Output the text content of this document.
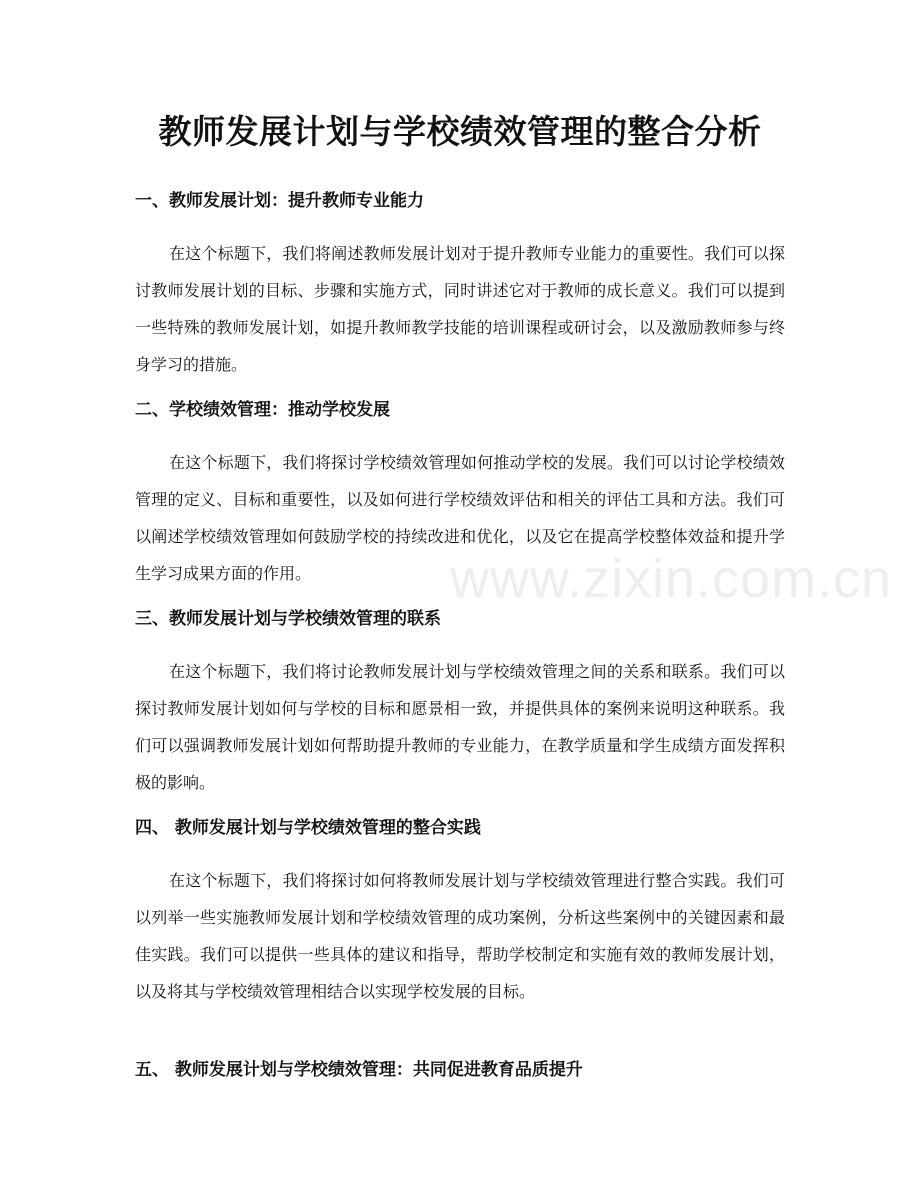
教师发展计划与学校绩效管理的整合分析
www.zixin.com.cn
一、教师发展计划：提升教师专业能力

在这个标题下，我们将阐述教师发展计划对于提升教师专业能力的重要性。我们可以探讨教师发展计划的目标、步骤和实施方式，同时讲述它对于教师的成长意义。我们可以提到一些特殊的教师发展计划，如提升教师教学技能的培训课程或研讨会，以及激励教师参与终身学习的措施。

二、学校绩效管理：推动学校发展

在这个标题下，我们将探讨学校绩效管理如何推动学校的发展。我们可以讨论学校绩效管理的定义、目标和重要性，以及如何进行学校绩效评估和相关的评估工具和方法。我们可以阐述学校绩效管理如何鼓励学校的持续改进和优化，以及它在提高学校整体效益和提升学生学习成果方面的作用。

三、教师发展计划与学校绩效管理的联系

在这个标题下，我们将讨论教师发展计划与学校绩效管理之间的关系和联系。我们可以探讨教师发展计划如何与学校的目标和愿景相一致，并提供具体的案例来说明这种联系。我们可以强调教师发展计划如何帮助提升教师的专业能力，在教学质量和学生成绩方面发挥积极的影响。

四、 教师发展计划与学校绩效管理的整合实践

在这个标题下，我们将探讨如何将教师发展计划与学校绩效管理进行整合实践。我们可以列举一些实施教师发展计划和学校绩效管理的成功案例，分析这些案例中的关键因素和最佳实践。我们可以提供一些具体的建议和指导，帮助学校制定和实施有效的教师发展计划，以及将其与学校绩效管理相结合以实现学校发展的目标。

五、 教师发展计划与学校绩效管理：共同促进教育品质提升
